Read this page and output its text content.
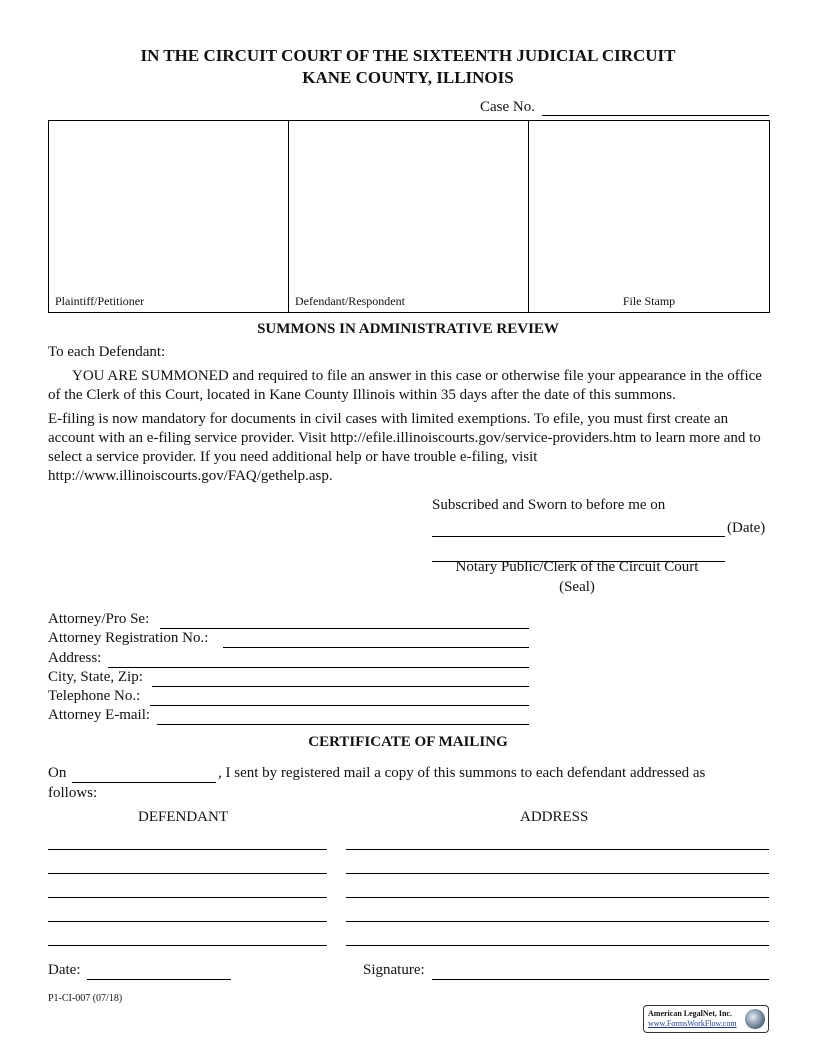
IN THE CIRCUIT COURT OF THE SIXTEENTH JUDICIAL CIRCUIT
KANE COUNTY, ILLINOIS
Case No.
Plaintiff/Petitioner	Defendant/Respondent	File Stamp
SUMMONS IN ADMINISTRATIVE REVIEW
To each Defendant:
YOU ARE SUMMONED and required to file an answer in this case or otherwise file your appearance in the office of the Clerk of this Court, located in Kane County Illinois within 35 days after the date of this summons.
E-filing is now mandatory for documents in civil cases with limited exemptions. To efile, you must first create an account with an e-filing service provider. Visit http://efile.illinoiscourts.gov/service-providers.htm to learn more and to select a service provider. If you need additional help or have trouble e-filing, visit http://www.illinoiscourts.gov/FAQ/gethelp.asp.
Subscribed and Sworn to before me on
(Date)
Notary Public/Clerk of the Circuit Court
(Seal)
Attorney/Pro Se:
Attorney Registration No.:
Address:
City, State, Zip:
Telephone No.:
Attorney E-mail:
CERTIFICATE OF MAILING
On	, I sent by registered mail a copy of this summons to each defendant addressed as
follows:
DEFENDANT	ADDRESS
Date:	Signature:
P1-CI-007 (07/18)
American LegalNet, Inc.
www.FormsWorkFlow.com
